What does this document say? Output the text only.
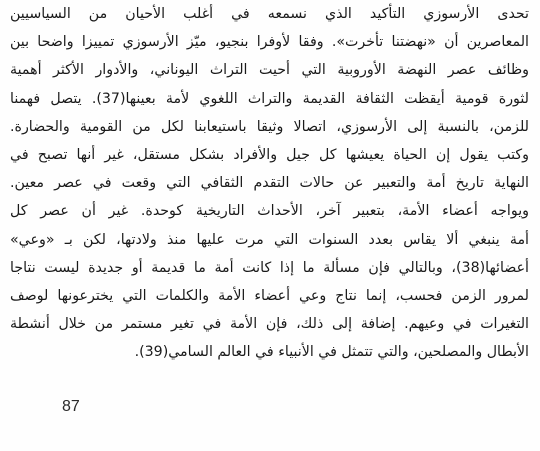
تحدى الأرسوزي التأكيد الذي نسمعه في أغلب الأحيان من السياسيين
المعاصرين أن «نهضتنا تأخرت». وفقا لأوفرا بنجيو، ميّز الأرسوزي تمييزا واضحا بين
وظائف عصر النهضة الأوروبية التي أحيت التراث اليوناني، والأدوار الأكثر أهمية
لثورة قومية أيقظت الثقافة القديمة والتراث اللغوي لأمة بعينها(37). يتصل فهمنا
للزمن، بالنسبة إلى الأرسوزي، اتصالا وثيقا باستيعابنا لكل من القومية والحضارة.
وكتب يقول إن الحياة يعيشها كل جيل والأفراد بشكل مستقل، غير أنها تصبح في
النهاية تاريخ أمة والتعبير عن حالات التقدم الثقافي التي وقعت في عصر معين.
ويواجه أعضاء الأمة، بتعبير آخر، الأحداث التاريخية كوحدة. غير أن عصر كل
أمة ينبغي ألا يقاس بعدد السنوات التي مرت عليها منذ ولادتها، لكن بـ «وعي»
أعضائها(38)، وبالتالي فإن مسألة ما إذا كانت أمة ما قديمة أو جديدة ليست نتاجا
لمرور الزمن فحسب، إنما نتاج وعي أعضاء الأمة والكلمات التي يخترعونها لوصف
التغيرات في وعيهم. إضافة إلى ذلك، فإن الأمة في تغير مستمر من خلال أنشطة
الأبطال والمصلحين، والتي تتمثل في الأنبياء في العالم السامي(39).
87
